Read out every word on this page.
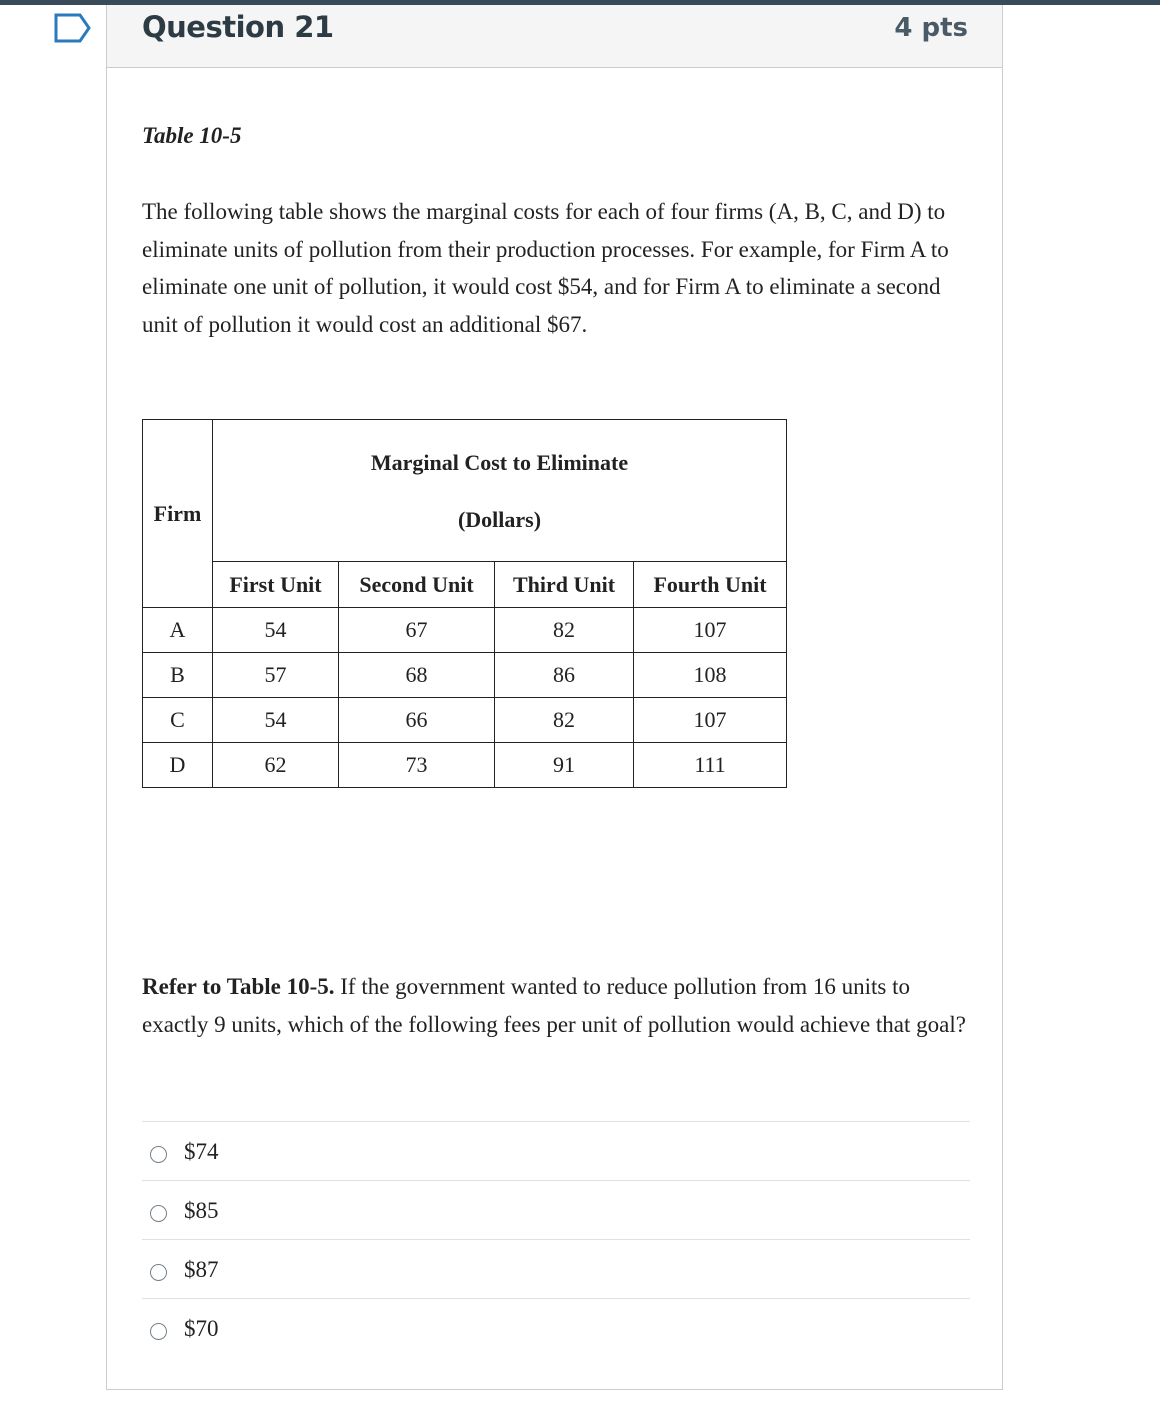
Question 21	4 pts
Table 10-5
The following table shows the marginal costs for each of four firms (A, B, C, and D) to eliminate units of pollution from their production processes. For example, for Firm A to eliminate one unit of pollution, it would cost $54, and for Firm A to eliminate a second unit of pollution it would cost an additional $67.
Firm	Marginal Cost to Eliminate
(Dollars)			

	First Unit	Second Unit	Third Unit	Fourth Unit
A	54	67	82	107
B	57	68	86	108
C	54	66	82	107
D	62	73	91	111
Refer to Table 10-5. If the government wanted to reduce pollution from 16 units to exactly 9 units, which of the following fees per unit of pollution would achieve that goal?
$74
$85
$87
$70
